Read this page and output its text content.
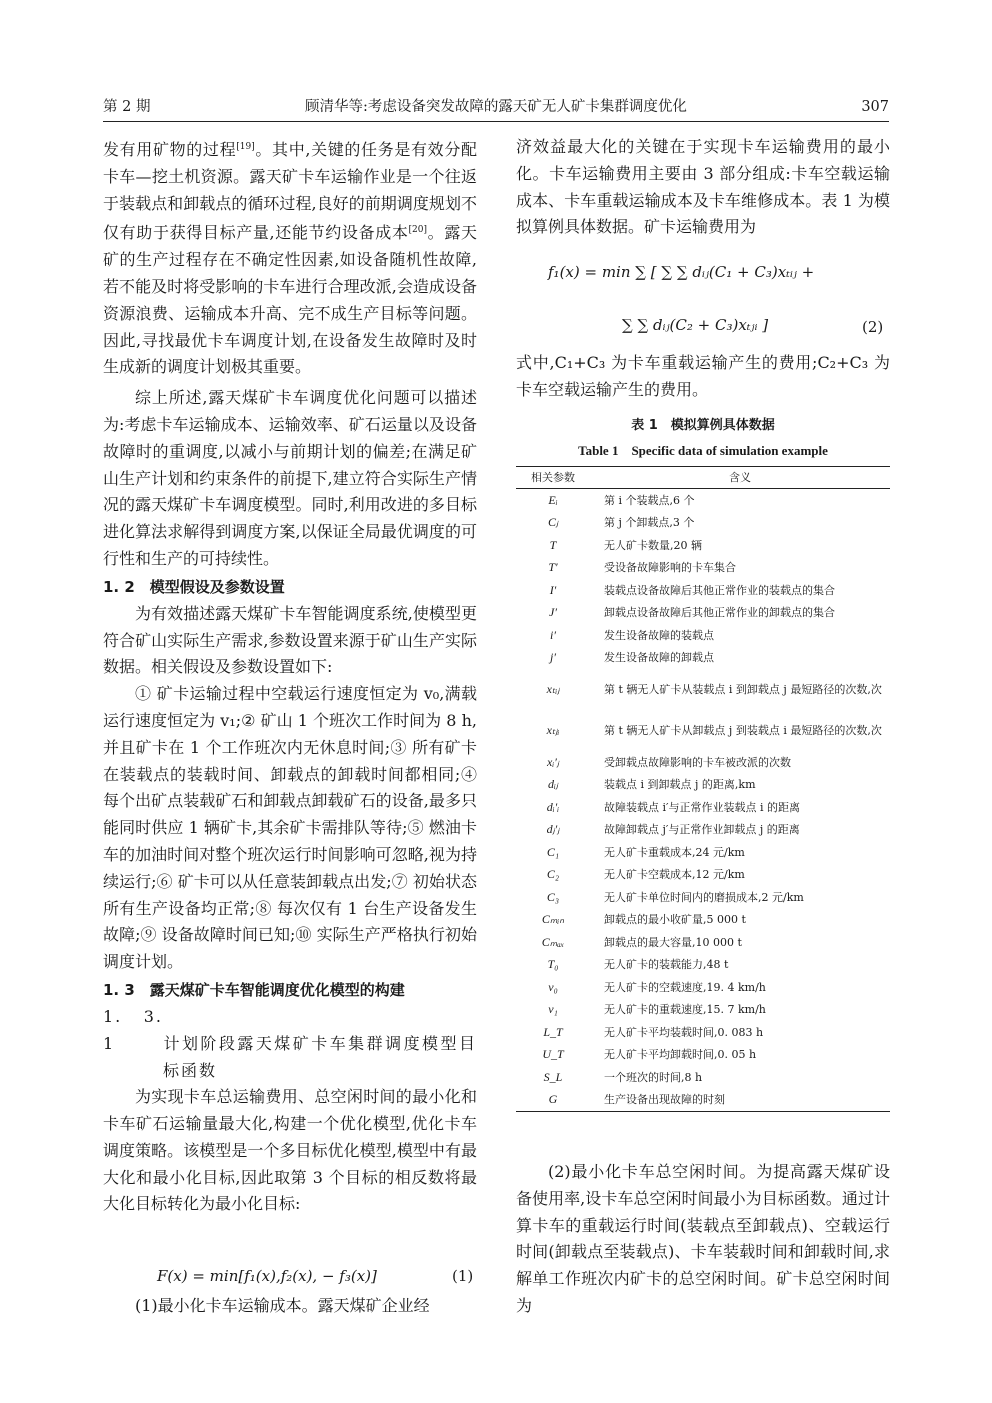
第 2 期	顾清华等:考虑设备突发故障的露天矿无人矿卡集群调度优化	307

发有用矿物的过程[19]。其中,关键的任务是有效分配卡车—挖土机资源。露天矿卡车运输作业是一个往返于装载点和卸载点的循环过程,良好的前期调度规划不仅有助于获得目标产量,还能节约设备成本[20]。露天矿的生产过程存在不确定性因素,如设备随机性故障,若不能及时将受影响的卡车进行合理改派,会造成设备资源浪费、运输成本升高、完不成生产目标等问题。因此,寻找最优卡车调度计划,在设备发生故障时及时生成新的调度计划极其重要。

综上所述,露天煤矿卡车调度优化问题可以描述为:考虑卡车运输成本、运输效率、矿石运量以及设备故障时的重调度,以减小与前期计划的偏差;在满足矿山生产计划和约束条件的前提下,建立符合实际生产情况的露天煤矿卡车调度模型。同时,利用改进的多目标进化算法求解得到调度方案,以保证全局最优调度的可行性和生产的可持续性。

1. 2　模型假设及参数设置

为有效描述露天煤矿卡车智能调度系统,使模型更符合矿山实际生产需求,参数设置来源于矿山生产实际数据。相关假设及参数设置如下:

① 矿卡运输过程中空载运行速度恒定为 v₀,满载运行速度恒定为 v₁;② 矿山 1 个班次工作时间为 8 h,并且矿卡在 1 个工作班次内无休息时间;③ 所有矿卡在装载点的装载时间、卸载点的卸载时间都相同;④ 每个出矿点装载矿石和卸载点卸载矿石的设备,最多只能同时供应 1 辆矿卡,其余矿卡需排队等待;⑤ 燃油卡车的加油时间对整个班次运行时间影响可忽略,视为持续运行;⑥ 矿卡可以从任意装卸载点出发;⑦ 初始状态所有生产设备均正常;⑧ 每次仅有 1 台生产设备发生故障;⑨ 设备故障时间已知;⑩ 实际生产严格执行初始调度计划。

1. 3　露天煤矿卡车智能调度优化模型的构建

1. 3. 1	计划阶段露天煤矿卡车集群调度模型目标函数

为实现卡车总运输费用、总空闲时间的最小化和卡车矿石运输量最大化,构建一个优化模型,优化卡车调度策略。该模型是一个多目标优化模型,模型中有最大化和最小化目标,因此取第 3 个目标的相反数将最大化目标转化为最小化目标:

F(x) = min[f₁(x),f₂(x), − f₃(x)]	(1)

(1)最小化卡车运输成本。露天煤矿企业经

济效益最大化的关键在于实现卡车运输费用的最小化。卡车运输费用主要由 3 部分组成:卡车空载运输成本、卡车重载运输成本及卡车维修成本。表 1 为模拟算例具体数据。矿卡运输费用为

f₁(x) = min ∑ [ ∑ ∑ dᵢⱼ(C₁ + C₃)xₜᵢⱼ +
∑ ∑ dᵢⱼ(C₂ + C₃)xₜⱼᵢ ]	(2)

式中,C₁+C₃ 为卡车重载运输产生的费用;C₂+C₃ 为卡车空载运输产生的费用。

表 1　模拟算例具体数据
Table 1　Specific data of simulation example
相关参数	含义
Eᵢ	第 i 个装载点,6 个
Cⱼ	第 j 个卸载点,3 个
T	无人矿卡数量,20 辆
T′	受设备故障影响的卡车集合
I′	装载点设备故障后其他正常作业的装载点的集合
J′	卸载点设备故障后其他正常作业的卸载点的集合
i′	发生设备故障的装载点
j′	发生设备故障的卸载点
xₜᵢⱼ	第 t 辆无人矿卡从装载点 i 到卸载点 j 最短路径的次数,次
xₜⱼᵢ	第 t 辆无人矿卡从卸载点 j 到装载点 i 最短路径的次数,次
xᵢ′ⱼ	受卸载点故障影响的卡车被改派的次数
dᵢⱼ	装载点 i 到卸载点 j 的距离,km
dᵢ′ᵢ	故障装载点 i′与正常作业装载点 i 的距离
dⱼ′ⱼ	故障卸载点 j′与正常作业卸载点 j 的距离
C₁	无人矿卡重载成本,24 元/km
C₂	无人矿卡空载成本,12 元/km
C₃	无人矿卡单位时间内的磨损成本,2 元/km
Cₘᵢₙ	卸载点的最小收矿量,5 000 t
Cₘₐₓ	卸载点的最大容量,10 000 t
T₀	无人矿卡的装载能力,48 t
v₀	无人矿卡的空载速度,19. 4 km/h
v₁	无人矿卡的重载速度,15. 7 km/h
L_T	无人矿卡平均装载时间,0. 083 h
U_T	无人矿卡平均卸载时间,0. 05 h
S_L	一个班次的时间,8 h
G	生产设备出现故障的时刻

(2)最小化卡车总空闲时间。为提高露天煤矿设备使用率,设卡车总空闲时间最小为目标函数。通过计算卡车的重载运行时间(装载点至卸载点)、空载运行时间(卸载点至装载点)、卡车装载时间和卸载时间,求解单工作班次内矿卡的总空闲时间。矿卡总空闲时间为
